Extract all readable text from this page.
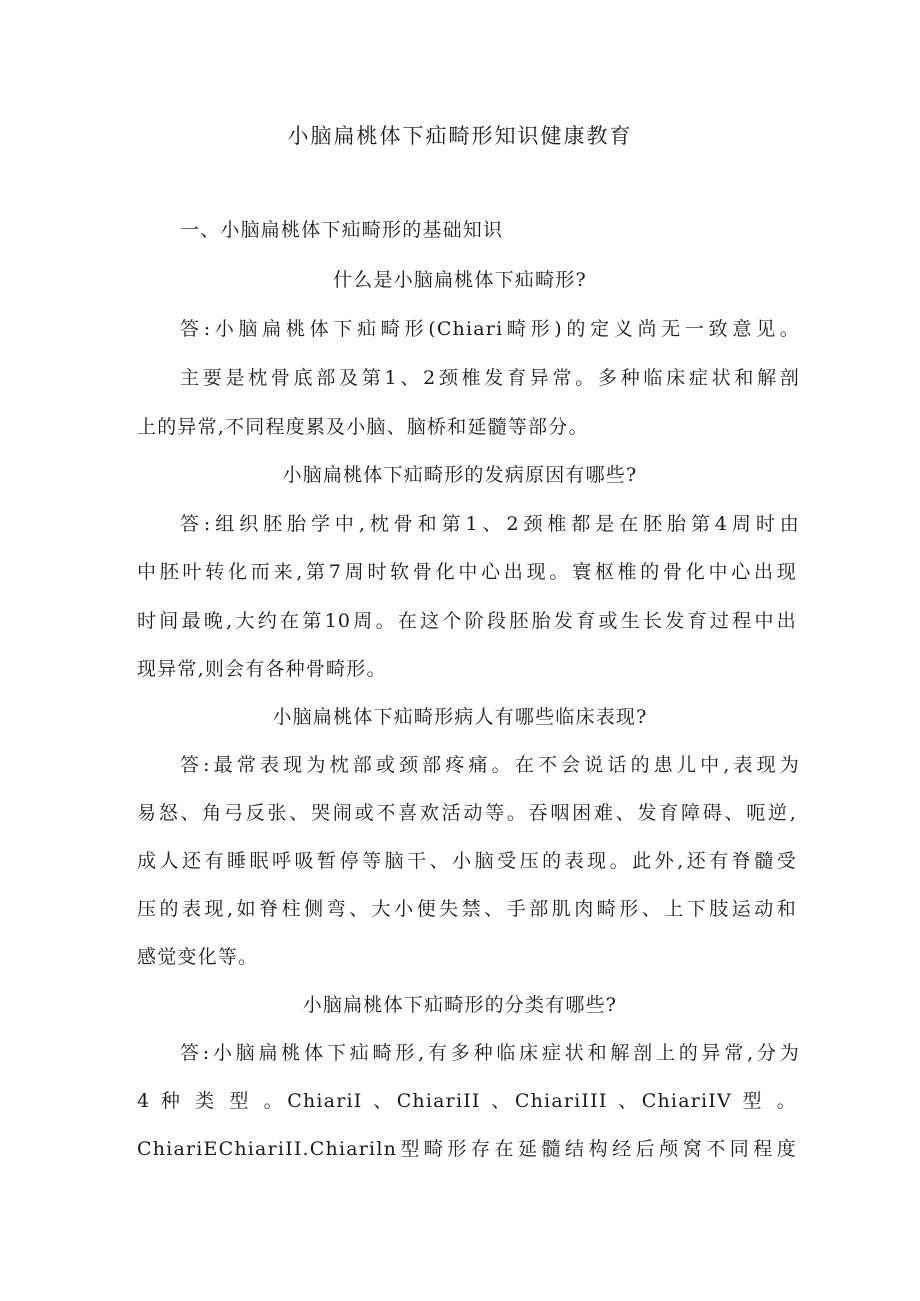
小脑扁桃体下疝畸形知识健康教育
一、小脑扁桃体下疝畸形的基础知识
什么是小脑扁桃体下疝畸形?
答:小脑扁桃体下疝畸形(Chiari畸形)的定义尚无一致意见。
主要是枕骨底部及第1、2颈椎发育异常。多种临床症状和解剖
上的异常,不同程度累及小脑、脑桥和延髓等部分。
小脑扁桃体下疝畸形的发病原因有哪些?
答:组织胚胎学中,枕骨和第1、2颈椎都是在胚胎第4周时由
中胚叶转化而来,第7周时软骨化中心出现。寰枢椎的骨化中心出现
时间最晚,大约在第10周。在这个阶段胚胎发育或生长发育过程中出
现异常,则会有各种骨畸形。
小脑扁桃体下疝畸形病人有哪些临床表现?
答:最常表现为枕部或颈部疼痛。在不会说话的患儿中,表现为
易怒、角弓反张、哭闹或不喜欢活动等。吞咽困难、发育障碍、呃逆,
成人还有睡眠呼吸暂停等脑干、小脑受压的表现。此外,还有脊髓受
压的表现,如脊柱侧弯、大小便失禁、手部肌肉畸形、上下肢运动和
感觉变化等。
小脑扁桃体下疝畸形的分类有哪些?
答:小脑扁桃体下疝畸形,有多种临床症状和解剖上的异常,分为
4 种 类 型 。ChiariI 、ChiariII 、ChiariIII 、ChiariIV 型 。
ChiariEChiariII.Chiariln型畸形存在延髓结构经后颅窝不同程度
